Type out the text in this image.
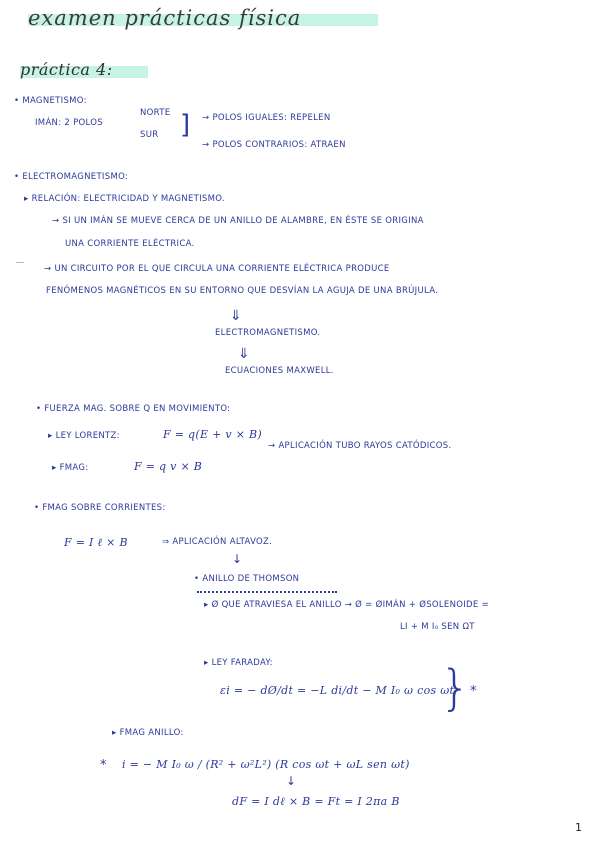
examen prácticas física
práctica 4:
• MAGNETISMO:
IMÁN: 2 POLOS
NORTE
SUR ]
→	POLOS IGUALES: REPELEN
→ POLOS CONTRARIOS: ATRAEN
• ELECTROMAGNETISMO:
▸ RELACIÓN: ELECTRICIDAD Y MAGNETISMO.
→ SI UN IMÁN SE MUEVE CERCA DE UN ANILLO DE ALAMBRE, EN ÉSTE SE ORIGINA
UNA CORRIENTE ELÉCTRICA.
→ UN CIRCUITO POR EL QUE CIRCULA UNA CORRIENTE ELÉCTRICA PRODUCE
FENÓMENOS MAGNÉTICOS EN SU ENTORNO QUE DESVÍAN LA AGUJA DE UNA BRÚJULA.
⇓
ELECTROMAGNETISMO.
⇓
ECUACIONES MAXWELL.
• FUERZA MAG. SOBRE Q EN MOVIMIENTO:
▸ LEY LORENTZ:	F = q(E + v × B)
→ APLICACIÓN TUBO RAYOS CATÓDICOS.
▸ FMAG:	F = q v × B
• FMAG SOBRE CORRIENTES:
F = I ℓ × B	⇒ APLICACIÓN ALTAVOZ.
↓
• ANILLO DE THOMSON
▸ Ø QUE ATRAVIESA EL ANILLO → Ø = ØIMÁN + ØSOLENOIDE =
LI + M I₀ SEN ΩT
▸ LEY FARADAY:
εi = − dØ/dt = −L di/dt − M I₀ ω cos ωt
} *
▸ FMAG ANILLO:
* i = − M I₀ ω / (R² + ω²L²) (R cos ωt + ωL sen ωt)
↓
dF = I dℓ × B = Ft = I 2πa B
1
